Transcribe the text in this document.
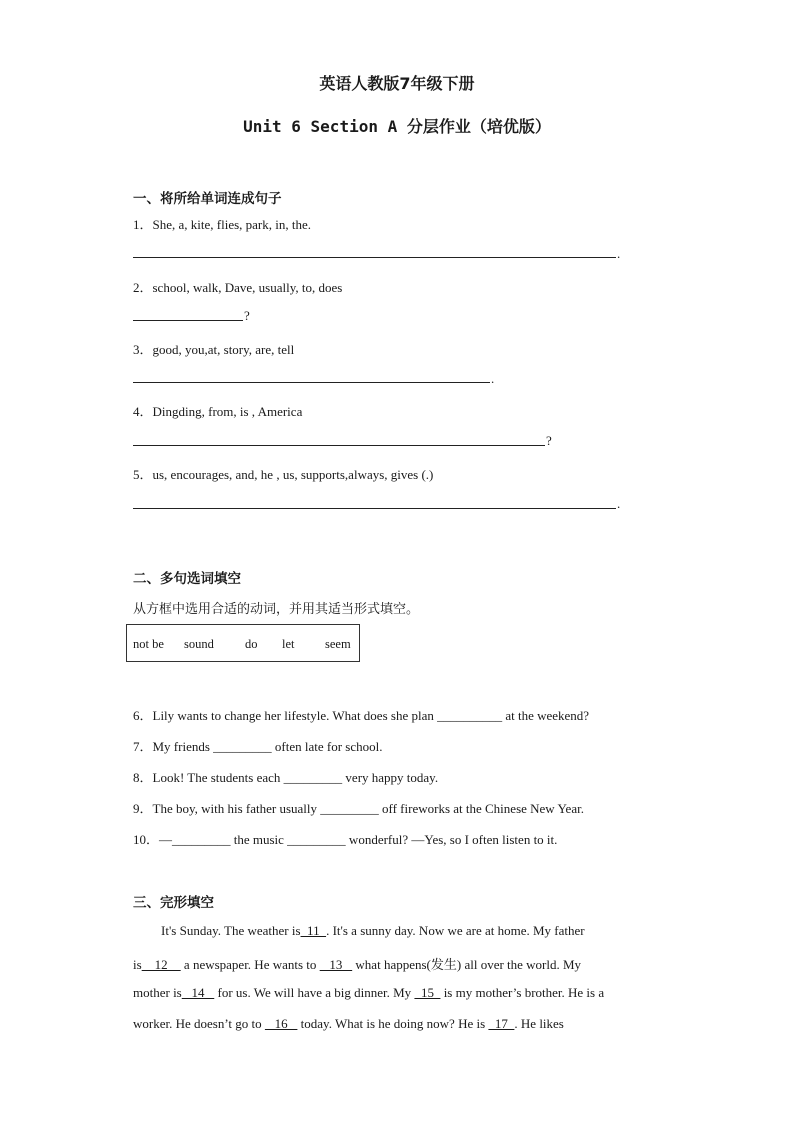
英语人教版7年级下册
Unit 6 Section A 分层作业（培优版）
一、将所给单词连成句子
1．She, a, kite, flies, park, in, the.
.
2．school, walk, Dave, usually, to, does
?
3．good, you,at, story, are, tell
.
4．Dingding, from, is , America
?
5．us, encourages, and, he , us, supports,always, gives (.)
.
二、多句选词填空
从方框中选用合适的动词，并用其适当形式填空。
not be sound do let seem
6．Lily wants to change her lifestyle. What does she plan __________ at the weekend?
7．My friends _________ often late for school.
8．Look! The students each _________ very happy today.
9．The boy, with his father usually _________ off fireworks at the Chinese New Year.
10．—_________ the music _________ wonderful? —Yes, so I often listen to it.
三、完形填空
It's Sunday. The weather is  11  . It's a sunny day. Now we are at home. My father
is    12     a newspaper. He wants to    13    what happens(发生) all over the world. My
mother is   14    for us. We will have a big dinner. My   15   is my mother’s brother. He is a
worker. He doesn’t go to    16    today. What is he doing now? He is   17  . He likes
